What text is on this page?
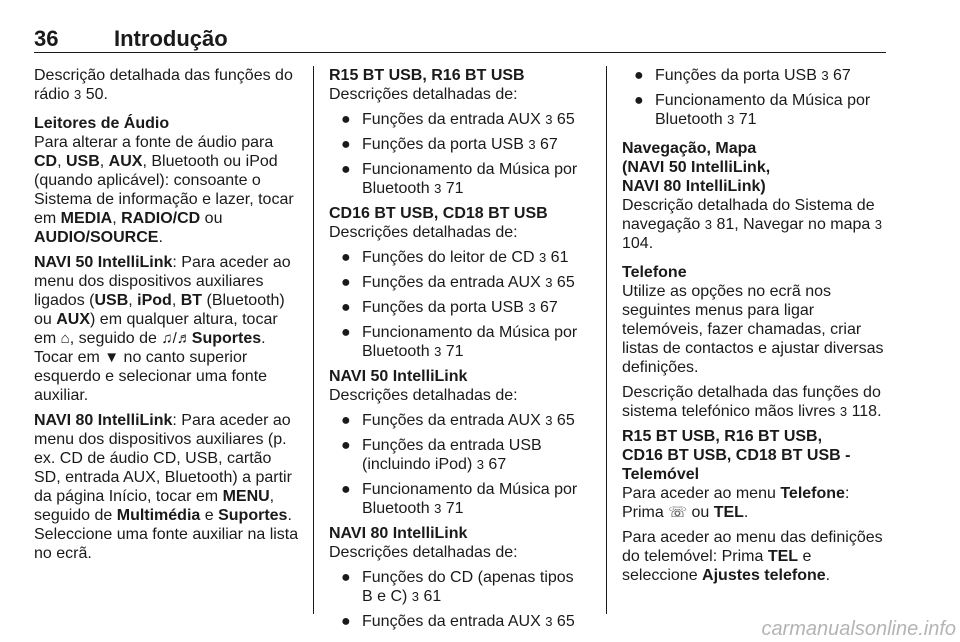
36	Introdução

Descrição detalhada das funções do rádio 3 50.

Leitores de Áudio

Para alterar a fonte de áudio para CD, USB, AUX, Bluetooth ou iPod (quando aplicável): consoante o Sistema de informação e lazer, tocar em MEDIA, RADIO/CD ou AUDIO/SOURCE.

NAVI 50 IntelliLink: Para aceder ao menu dos dispositivos auxiliares ligados (USB, iPod, BT (Bluetooth) ou AUX) em qualquer altura, tocar em ⌂, seguido de ♫/♬Suportes. Tocar em ▼ no canto superior esquerdo e selecionar uma fonte auxiliar.

NAVI 80 IntelliLink: Para aceder ao menu dos dispositivos auxiliares (p. ex. CD de áudio CD, USB, cartão SD, entrada AUX, Bluetooth) a partir da página Início, tocar em MENU, seguido de Multimédia e Suportes. Seleccione uma fonte auxiliar na lista no ecrã.

R15 BT USB, R16 BT USB

Descrições detalhadas de:

● Funções da entrada AUX 3 65
● Funções da porta USB 3 67
● Funcionamento da Música por Bluetooth 3 71

CD16 BT USB, CD18 BT USB

Descrições detalhadas de:

● Funções do leitor de CD 3 61
● Funções da entrada AUX 3 65
● Funções da porta USB 3 67
● Funcionamento da Música por Bluetooth 3 71

NAVI 50 IntelliLink

Descrições detalhadas de:

● Funções da entrada AUX 3 65
● Funções da entrada USB (incluindo iPod) 3 67
● Funcionamento da Música por Bluetooth 3 71

NAVI 80 IntelliLink

Descrições detalhadas de:

● Funções do CD (apenas tipos B e C) 3 61
● Funções da entrada AUX 3 65
● Funções da porta USB 3 67
● Funcionamento da Música por Bluetooth 3 71

Navegação, Mapa

(NAVI 50 IntelliLink,

NAVI 80 IntelliLink)

Descrição detalhada do Sistema de navegação 3 81, Navegar no mapa 3 104.

Telefone

Utilize as opções no ecrã nos seguintes menus para ligar telemóveis, fazer chamadas, criar listas de contactos e ajustar diversas definições.

Descrição detalhada das funções do sistema telefónico mãos livres 3 118.

R15 BT USB, R16 BT USB,

CD16 BT USB, CD18 BT USB -

Telemóvel

Para aceder ao menu Telefone:
Prima ☏ ou TEL.

Para aceder ao menu das definições do telemóvel: Prima TEL e seleccione Ajustes telefone.

carmanualsonline.info
